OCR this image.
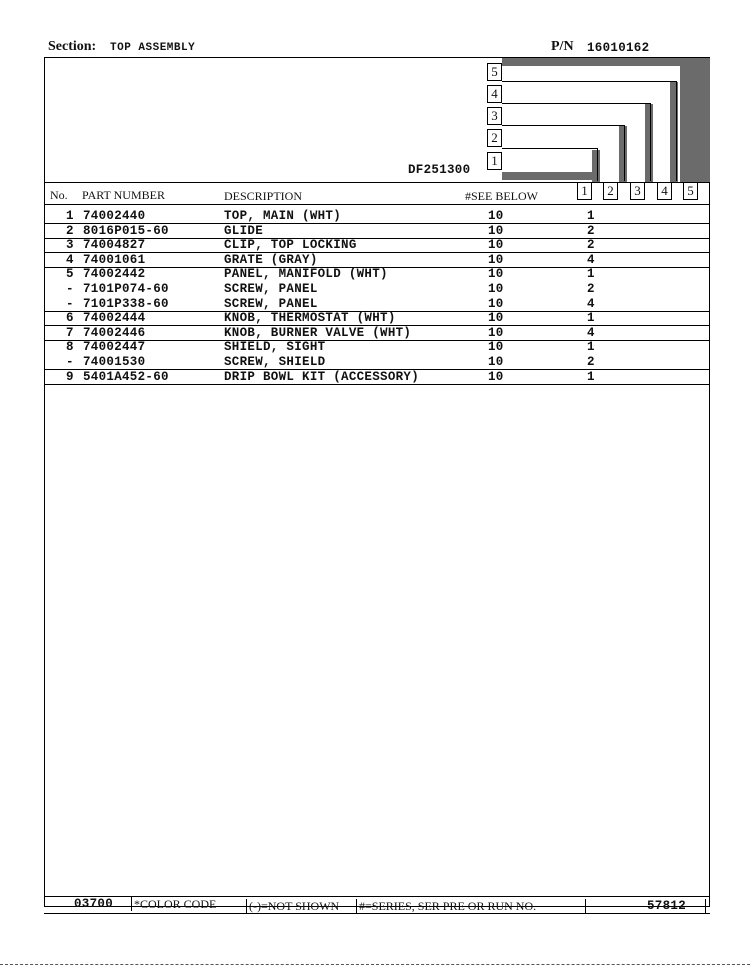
Section: TOP ASSEMBLY	P/N 16010162
5
4
3
2
1
DF251300
No. PART NUMBER	DESCRIPTION	#SEE BELOW	1	2	3	4	5
1 74002440	TOP, MAIN (WHT)	10	1
2 8016P015-60	GLIDE	10	2
3 74004827	CLIP, TOP LOCKING	10	2
4 74001061	GRATE (GRAY)	10	4
5 74002442	PANEL, MANIFOLD (WHT)	10	1
- 7101P074-60	SCREW, PANEL	10	2
- 7101P338-60	SCREW, PANEL	10	4
6 74002444	KNOB, THERMOSTAT (WHT)	10	1
7 74002446	KNOB, BURNER VALVE (WHT)	10	4
8 74002447	SHIELD, SIGHT	10	1
- 74001530	SCREW, SHIELD	10	2
9 5401A452-60	DRIP BOWL KIT (ACCESSORY)	10	1
03700 *COLOR CODE	(-)=NOT SHOWN #=SERIES, SER PRE OR RUN NO.	57812
